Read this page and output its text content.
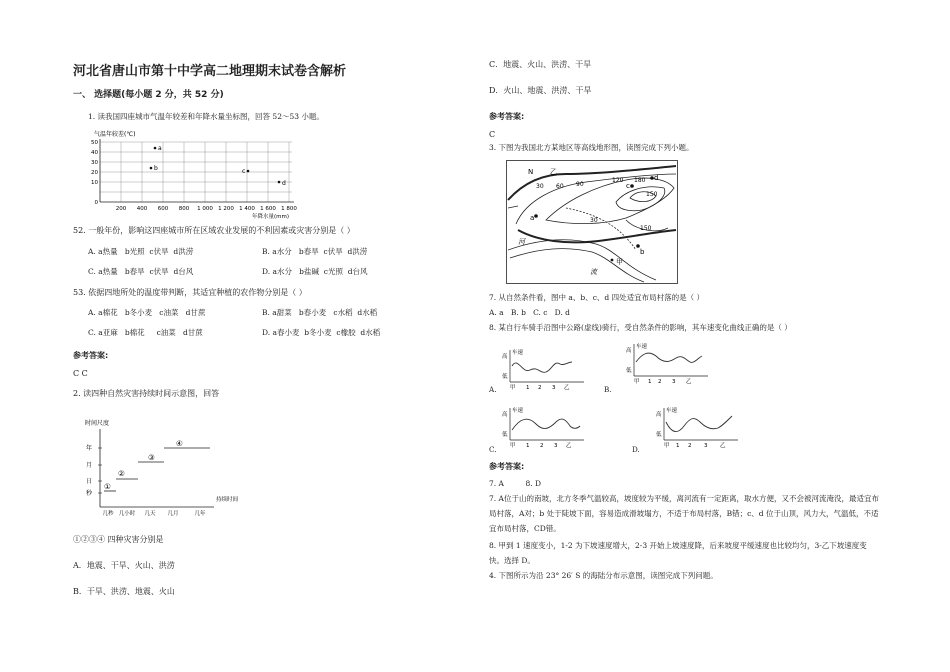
河北省唐山市第十中学高二地理期末试卷含解析
一、 选择题(每小题 2 分，共 52 分)
1. 读我国四座城市气温年较差和年降水量坐标图，回答 52～53 小题。
气温年较差(℃)
50
40
30
20
10
0
200 400 600 800 1 000 1 200 1 400 1 600 1 800
年降水量(mm)
a
b	c
d
52. 一般年份，影响这四座城市所在区域农业发展的不利因素或灾害分别是（ ）
A. a热量 b光照 c伏旱 d洪涝	B. a水分 b春旱 c伏旱 d洪涝
C. a热量 b春旱 c伏旱 d台风	D. a水分 b盐碱 c光照 d台风
53. 依据四地所处的温度带判断，其适宜种植的农作物分别是（ ）
A. a棉花 b冬小麦 c油菜 d甘蔗	B. a甜菜 b春小麦 c水稻 d水稻
C. a亚麻 b棉花 c油菜 d甘蔗	D. a春小麦 b冬小麦 c橡胶 d水稻
参考答案:
C C
2. 读四种自然灾害持续时间示意图，回答
时间尺度
年
月
日
秒
①
②
③
④
几秒 几小时 几天 几月	几年
持续时间
①②③④ 四种灾害分别是
A．地震、干旱、火山、洪涝
B．干旱、洪涝、地震、火山
C．地震、火山、洪涝、干旱
D．火山、地震、洪涝、干旱
参考答案:
C
3. 下图为我国北方某地区等高线地形图，读图完成下列小题。
a
b
c
d
N 乙
甲
河
流
30 60 90
120 180
150
150
30
7. 从自然条件看，图中 a、b、c、d 四处适宜布局村落的是（ ）
A. a B. b C. c D. d
8. 某自行车骑手沿图中公路(虚线)骑行，受自然条件的影响，其车速变化曲线正确的是（ ）
车速
高
低
甲 1 2 3 乙
A.
车速
高
低
甲 1 2 3 乙
B.
车速
高
低
甲 1 2 3 乙
C.
车速
高
低
甲 1 2 3 乙
D.
参考答案:
7. A	8. D
7. A位于山的南坡，北方冬季气温较高，坡度较为平缓，离河流有一定距离，取水方便，又不会被河流淹没，最适宜布局村落，A对；b 处于陡坡下面，容易造成滑坡塌方，不适于布局村落，B错；c、d 位于山顶，风力大，气温低，不适宜布局村落，CD错。
8. 甲到 1 速度变小，1-2 为下坡速度增大，2-3 开始上坡速度降，后来坡度平缓速度也比较均匀，3-乙下坡速度变快。选择 D。
4. 下图所示为沿 23° 26′ S 的海陆分布示意图，读图完成下列问题。
